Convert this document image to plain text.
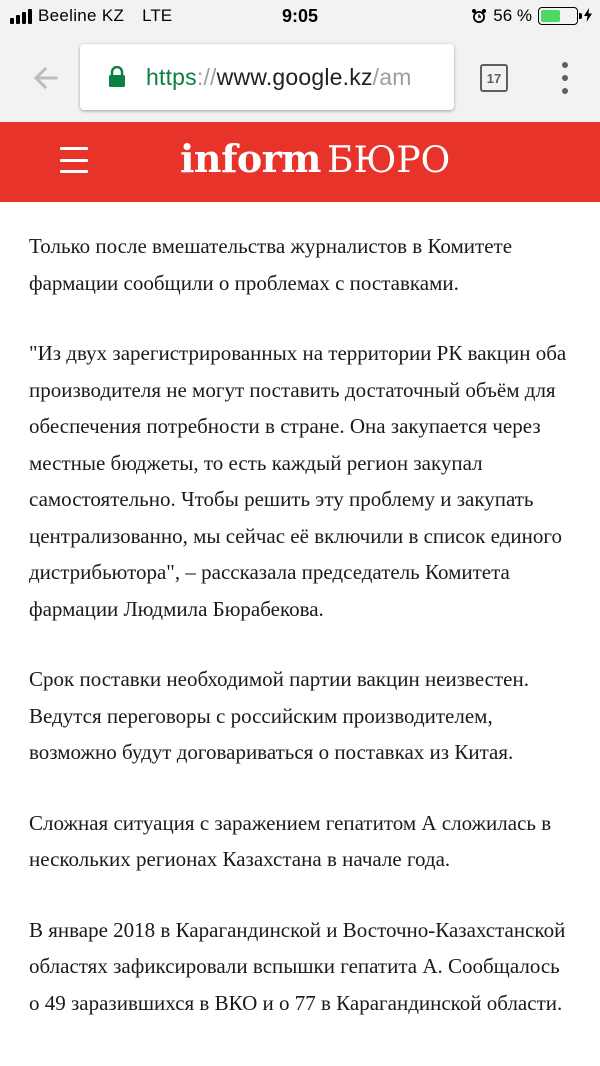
Beeline KZ LTE	9:05	56 %
https://www.google.kz/am	17
inform БЮРО

Только после вмешательства журналистов в Комитете фармации сообщили о проблемах с поставками.

"Из двух зарегистрированных на территории РК вакцин оба производителя не могут поставить достаточный объём для обеспечения потребности в стране. Она закупается через местные бюджеты, то есть каждый регион закупал самостоятельно. Чтобы решить эту проблему и закупать централизованно, мы сейчас её включили в список единого дистрибьютора", – рассказала председатель Комитета фармации Людмила Бюрабекова.

Срок поставки необходимой партии вакцин неизвестен. Ведутся переговоры с российским производителем, возможно будут договариваться о поставках из Китая.

Сложная ситуация с заражением гепатитом А сложилась в нескольких регионах Казахстана в начале года.

В январе 2018 в Карагандинской и Восточно-Казахстанской областях зафиксировали вспышки гепатита А. Сообщалось о 49 заразившихся в ВКО и о 77 в Карагандинской области.
